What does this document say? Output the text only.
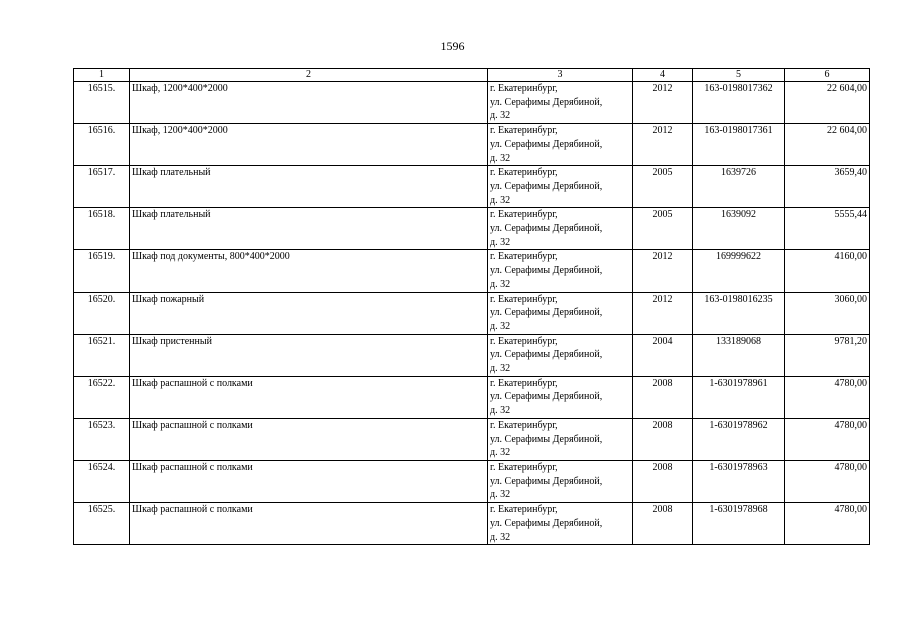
1596
1	2	3	4	5	6
16515.	Шкаф, 1200*400*2000	г. Екатеринбург,
ул. Серафимы Дерябиной,
д. 32	2012	163-0198017362	22 604,00
16516.	Шкаф, 1200*400*2000	г. Екатеринбург,
ул. Серафимы Дерябиной,
д. 32	2012	163-0198017361	22 604,00
16517.	Шкаф плательный	г. Екатеринбург,
ул. Серафимы Дерябиной,
д. 32	2005	1639726	3659,40
16518.	Шкаф плательный	г. Екатеринбург,
ул. Серафимы Дерябиной,
д. 32	2005	1639092	5555,44
16519.	Шкаф под документы, 800*400*2000	г. Екатеринбург,
ул. Серафимы Дерябиной,
д. 32	2012	169999622	4160,00
16520.	Шкаф пожарный	г. Екатеринбург,
ул. Серафимы Дерябиной,
д. 32	2012	163-0198016235	3060,00
16521.	Шкаф пристенный	г. Екатеринбург,
ул. Серафимы Дерябиной,
д. 32	2004	133189068	9781,20
16522.	Шкаф распашной с полками	г. Екатеринбург,
ул. Серафимы Дерябиной,
д. 32	2008	1-6301978961	4780,00
16523.	Шкаф распашной с полками	г. Екатеринбург,
ул. Серафимы Дерябиной,
д. 32	2008	1-6301978962	4780,00
16524.	Шкаф распашной с полками	г. Екатеринбург,
ул. Серафимы Дерябиной,
д. 32	2008	1-6301978963	4780,00
16525.	Шкаф распашной с полками	г. Екатеринбург,
ул. Серафимы Дерябиной,
д. 32	2008	1-6301978968	4780,00
